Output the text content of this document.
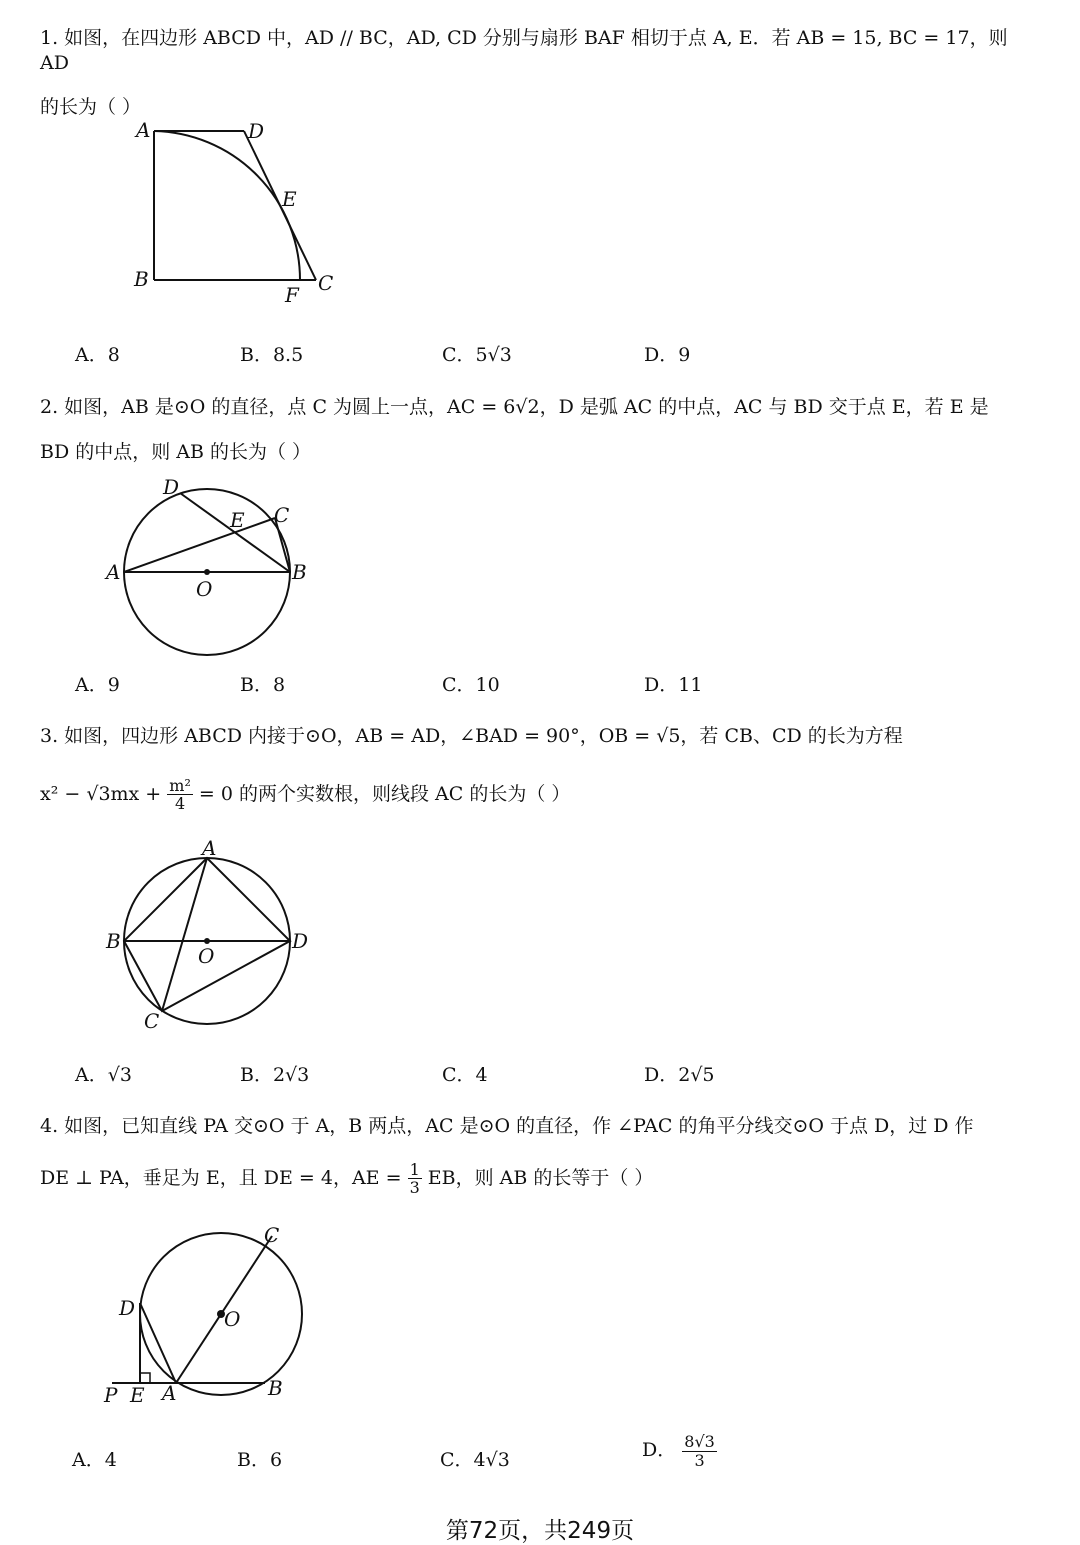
1. 如图，在四边形 ABCD 中，AD // BC，AD, CD 分别与扇形 BAF 相切于点 A, E．若 AB = 15, BC = 17，则 AD
的长为（ ）
A	D
E
B
F C
A．8	B．8.5	C．5√3	D．9
2. 如图，AB 是⊙O 的直径，点 C 为圆上一点，AC = 6√2，D 是弧 AC 的中点，AC 与 BD 交于点 E，若 E 是
BD 的中点，则 AB 的长为（ ）
D
C
E
A
O
B
A．9	B．8	C．10	D．11
3. 如图，四边形 ABCD 内接于⊙O，AB = AD，∠BAD = 90°，OB = √5，若 CB、CD 的长为方程
$x^2 - √3mx + \frac{\text{m²}}{4} = 0$ 的两个实数根，则线段 AC 的长为（ ）
A
B
O
D
C
A．√3	B．2√3	C．4	D．2√5
4. 如图，已知直线 PA 交⊙O 于 A，B 两点，AC 是⊙O 的直径，作 ∠PAC 的角平分线交⊙O 于点 D，过 D 作
DE ⊥ PA，垂足为 E，且 DE = 4，AE = $\frac{1}{3}$ EB，则 AB 的长等于（ ）
C
D	O
P E A	B
A．4	B．6	C．4√3	D． $\frac{8√3}{3}$
第72页，共249页
